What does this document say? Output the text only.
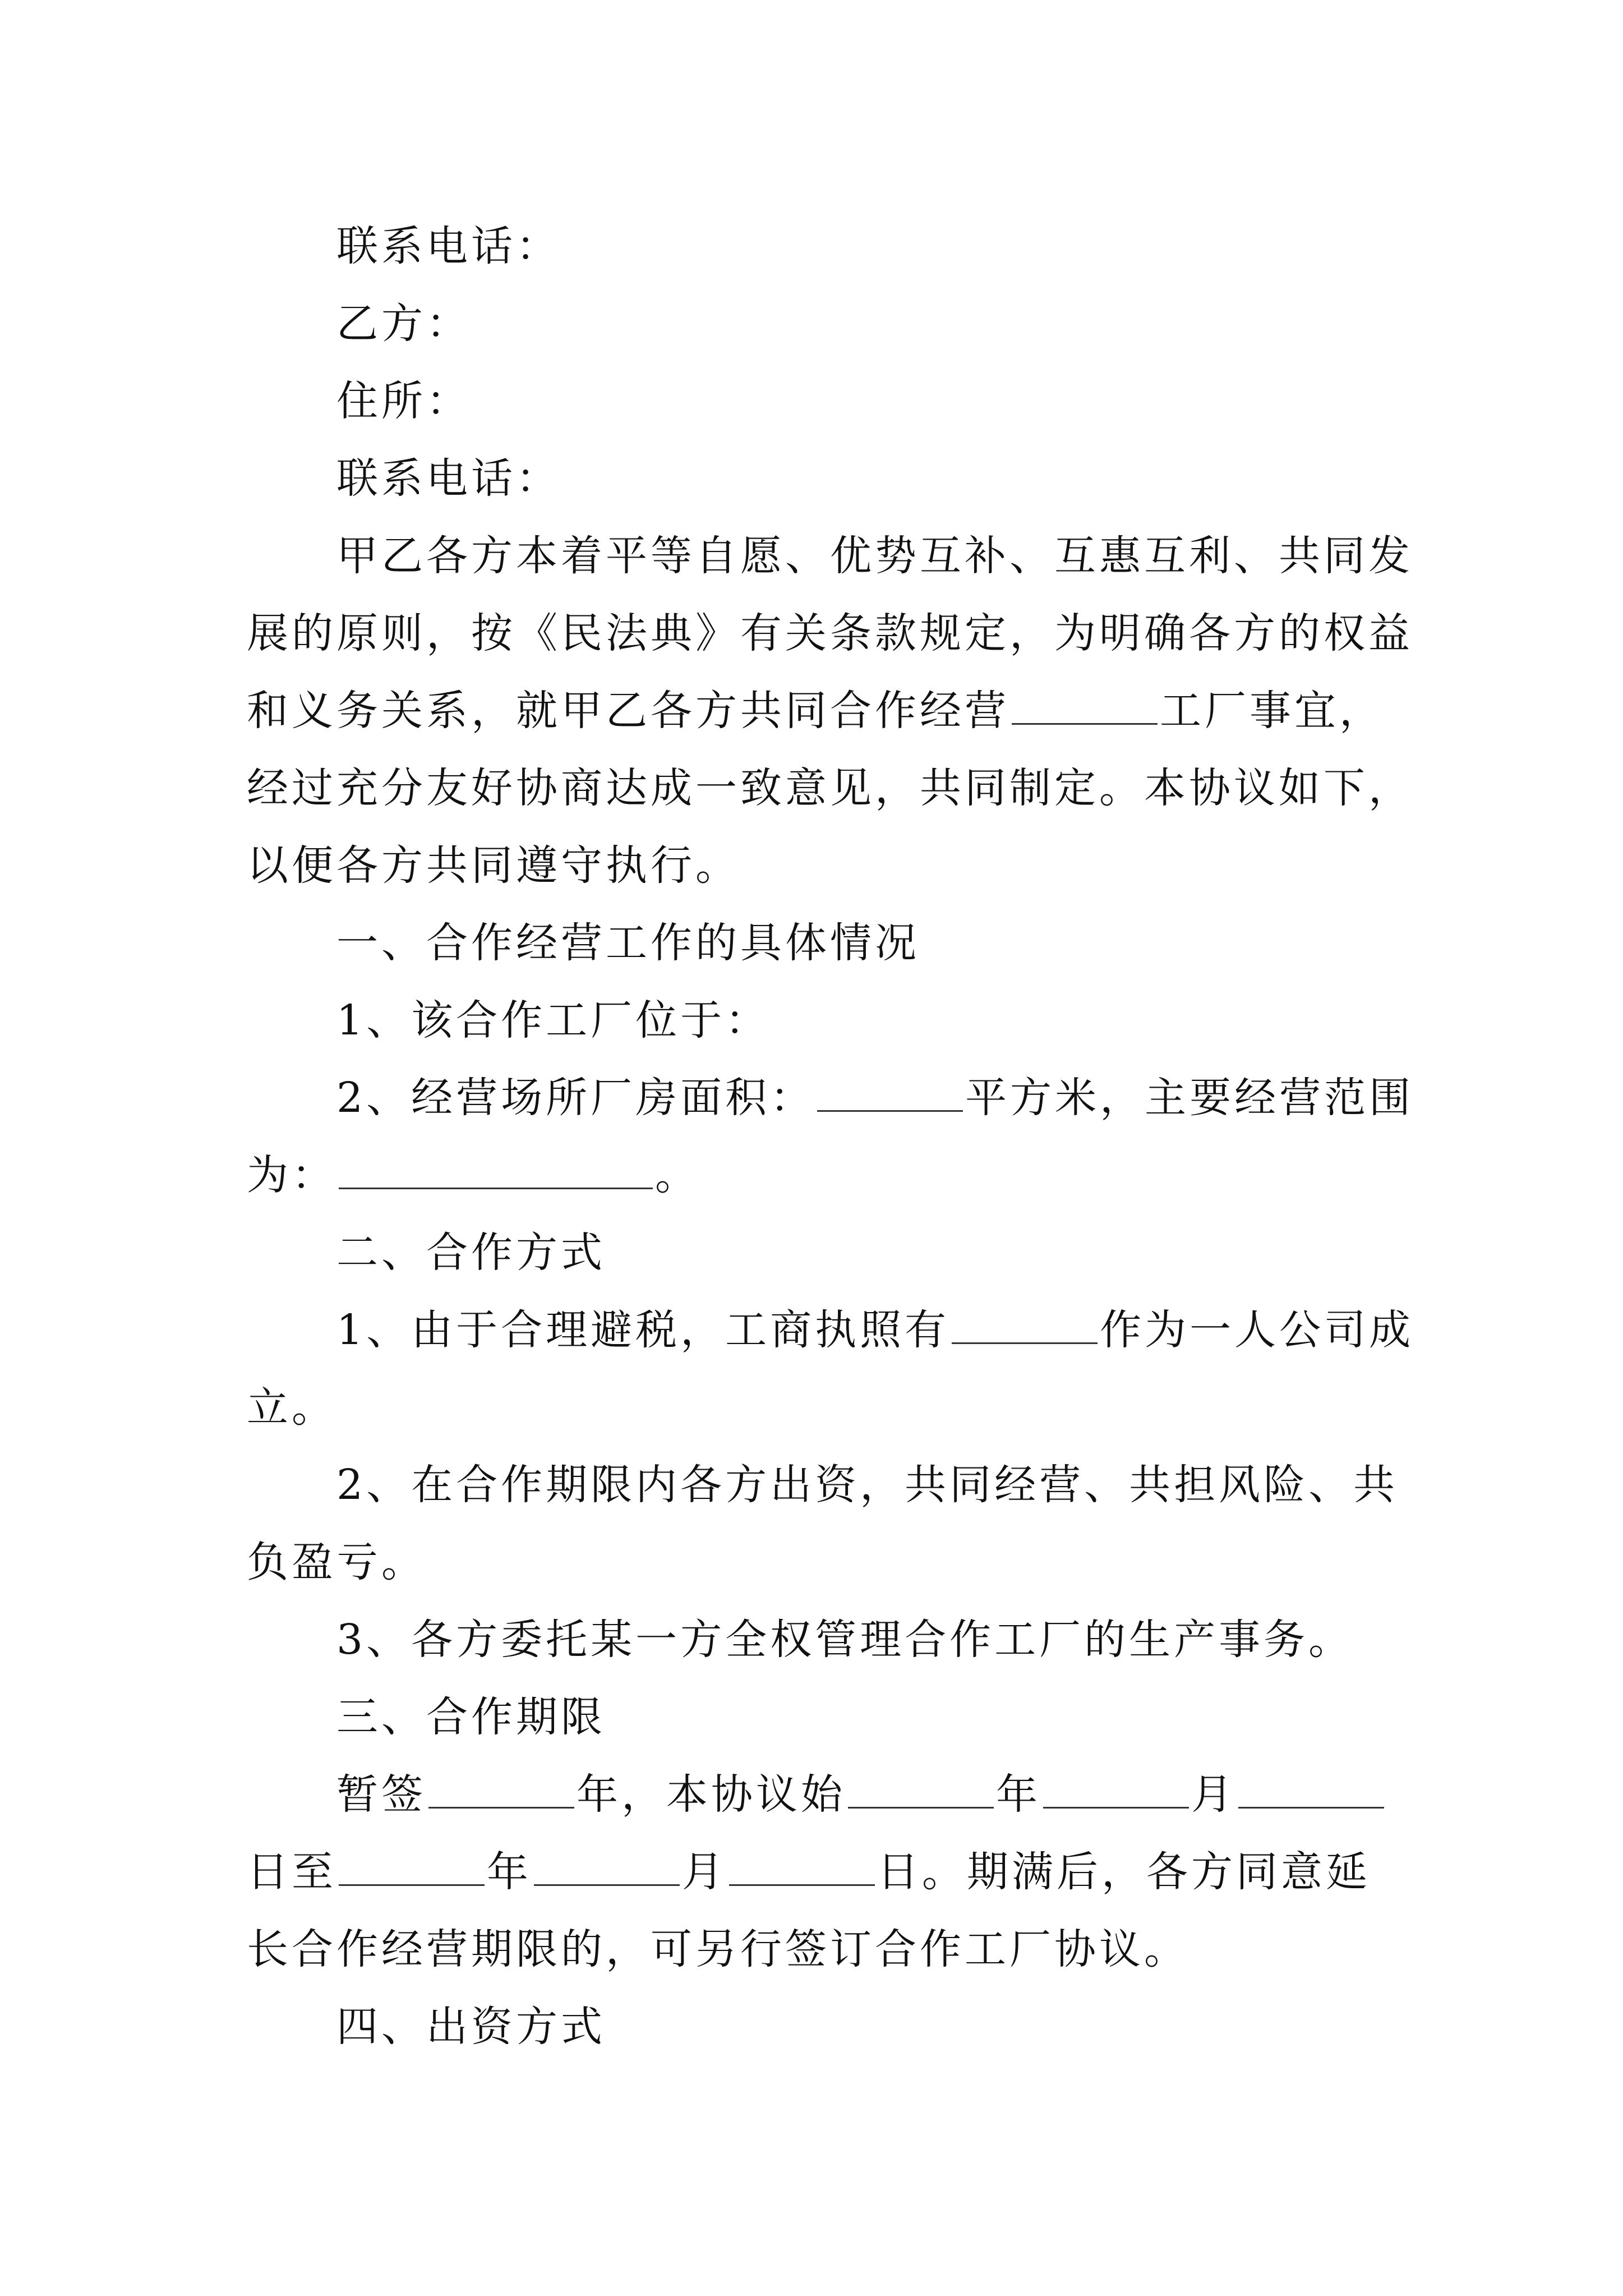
联系电话：
乙方：
住所：
联系电话：
甲乙各方本着平等自愿、优势互补、互惠互利、共同发
展的原则，按《民法典》有关条款规定，为明确各方的权益
和义务关系，就甲乙各方共同合作经营	工厂事宜，
经过充分友好协商达成一致意见，共同制定。本协议如下，
以便各方共同遵守执行。
一、合作经营工作的具体情况
1、该合作工厂位于：
2、经营场所厂房面积：	平方米，主要经营范围
为：	。
二、合作方式
1、由于合理避税，工商执照有	作为一人公司成
立。
2、在合作期限内各方出资，共同经营、共担风险、共
负盈亏。
3、各方委托某一方全权管理合作工厂的生产事务。
三、合作期限
暂签	年，本协议始	年	月
日至	年	月	日。期满后，各方同意延
长合作经营期限的，可另行签订合作工厂协议。
四、出资方式
